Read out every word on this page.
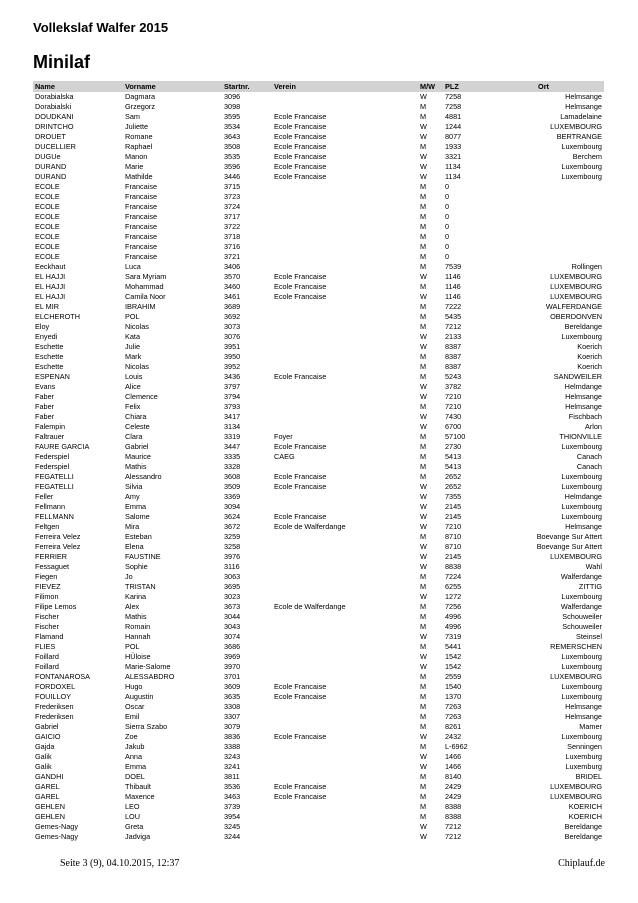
Vollekslaf Walfer 2015
Minilaf
Name	Vorname	Startnr.	Verein	M/W	PLZ	Ort
Dorabialska	Dagmara	3096		W	7258	Helmsange
Dorabialski	Grzegorz	3098		M	7258	Helmsange
DOUDKANI	Sam	3595	Ecole Francaise	M	4881	Lamadelaine
DRINTCHO	Juliette	3534	Ecole Francaise	W	1244	LUXEMBOURG
DROUET	Romane	3643	Ecole Francaise	W	8077	BERTRANGE
DUCELLIER	Raphael	3508	Ecole Francaise	M	1933	Luxembourg
DUGUe	Manon	3535	Ecole Francaise	W	3321	Berchem
DURAND	Marie	3596	Ecole Francaise	W	1134	Luxembourg
DURAND	Mathilde	3446	Ecole Francaise	W	1134	Luxembourg
ECOLE	Francaise	3715		M	0	
ECOLE	Francaise	3723		M	0	
ECOLE	Francaise	3724		M	0	
ECOLE	Francaise	3717		M	0	
ECOLE	Francaise	3722		M	0	
ECOLE	Francaise	3718		M	0	
ECOLE	Francaise	3716		M	0	
ECOLE	Francaise	3721		M	0	
Eeckhaut	Luca	3406		M	7539	Rollingen
EL HAJJI	Sara Myriam	3570	Ecole Francaise	W	1146	LUXEMBOURG
EL HAJJI	Mohammad	3460	Ecole Francaise	M	1146	LUXEMBOURG
EL HAJJI	Camila Noor	3461	Ecole Francaise	W	1146	LUXEMBOURG
EL MIR	IBRAHIM	3689		M	7222	WALFERDANGE
ELCHEROTH	POL	3692		M	5435	OBERDONVEN
Eloy	Nicolas	3073		M	7212	Bereldange
Enyedi	Kata	3076		W	2133	Luxembourg
Eschette	Julie	3951		W	8387	Koerich
Eschette	Mark	3950		M	8387	Koerich
Eschette	Nicolas	3952		M	8387	Koerich
ESPENAN	Louis	3436	Ecole Francaise	M	5243	SANDWEILER
Evans	Alice	3797		W	3782	Helmdange
Faber	Clemence	3794		W	7210	Helmsange
Faber	Felix	3793		M	7210	Helmsange
Faber	Chiara	3417		W	7430	Fischbach
Falempin	Celeste	3134		W	6700	Arlon
Faltrauer	Clara	3319	Foyer	M	57100	THIONVILLE
FAURE GARCIA	Gabriel	3447	Ecole Francaise	M	2730	Luxembourg
Federspiel	Maurice	3335	CAEG	M	5413	Canach
Federspiel	Mathis	3328		M	5413	Canach
FEGATELLI	Alessandro	3608	Ecole Francaise	M	2652	Luxembourg
FEGATELLI	Silvia	3509	Ecole Francaise	W	2652	Luxembourg
Feller	Amy	3369		W	7355	Helmdange
Fellmann	Emma	3094		W	2145	Luxembourg
FELLMANN	Salome	3624	Ecole Francaise	W	2145	Luxembourg
Feltgen	Mira	3672	Ecole de Walferdange	W	7210	Helmsange
Ferreira Velez	Esteban	3259		M	8710	Boevange Sur Attert
Ferreira Velez	Elena	3258		W	8710	Boevange Sur Attert
FERRIER	FAUSTINE	3976		W	2145	LUXEMBOURG
Fessaguet	Sophie	3116		W	8838	Wahl
Fiegen	Jo	3063		M	7224	Walferdange
FIEVEZ	TRISTAN	3695		M	6255	ZITTIG
Filimon	Karina	3023		W	1272	Luxembourg
Filipe Lemos	Alex	3673	Ecole de Walferdange	M	7256	Walferdange
Fischer	Mathis	3044		M	4996	Schouweiler
Fischer	Romain	3043		M	4996	Schouweiler
Flamand	Hannah	3074		W	7319	Steinsel
FLIES	POL	3686		M	5441	REMERSCHEN
Foillard	HÜloise	3969		W	1542	Luxembourg
Foillard	Marie-Salome	3970		W	1542	Luxembourg
FONTANAROSA	ALESSABDRO	3701		M	2559	LUXEMBOURG
FORDOXEL	Hugo	3609	Ecole Francaise	M	1540	Luxembourg
FOUILLOY	Augustin	3635	Ecole Francaise	M	1370	Luxembourg
Frederiksen	Oscar	3308		M	7263	Helmsange
Frederiksen	Emil	3307		M	7263	Helmsange
Gabriel	Sierra Szabo	3079		M	8261	Mamer
GAICIO	Zoe	3836	Ecole Francaise	W	2432	Luxembourg
Gajda	Jakub	3388		M	L-6962	Senningen
Galik	Anna	3243		W	1466	Luxemburg
Galik	Emma	3241		W	1466	Luxemburg
GANDHI	DOEL	3811		M	8140	BRIDEL
GAREL	Thibault	3536	Ecole Francaise	M	2429	LUXEMBOURG
GAREL	Maxence	3463	Ecole Francaise	M	2429	LUXEMBOURG
GEHLEN	LEO	3739		M	8388	KOERICH
GEHLEN	LOU	3954		M	8388	KOERICH
Gemes-Nagy	Greta	3245		W	7212	Bereldange
Gemes-Nagy	Jadviga	3244		W	7212	Bereldange
Seite 3 (9), 04.10.2015, 12:37	Chiplauf.de
